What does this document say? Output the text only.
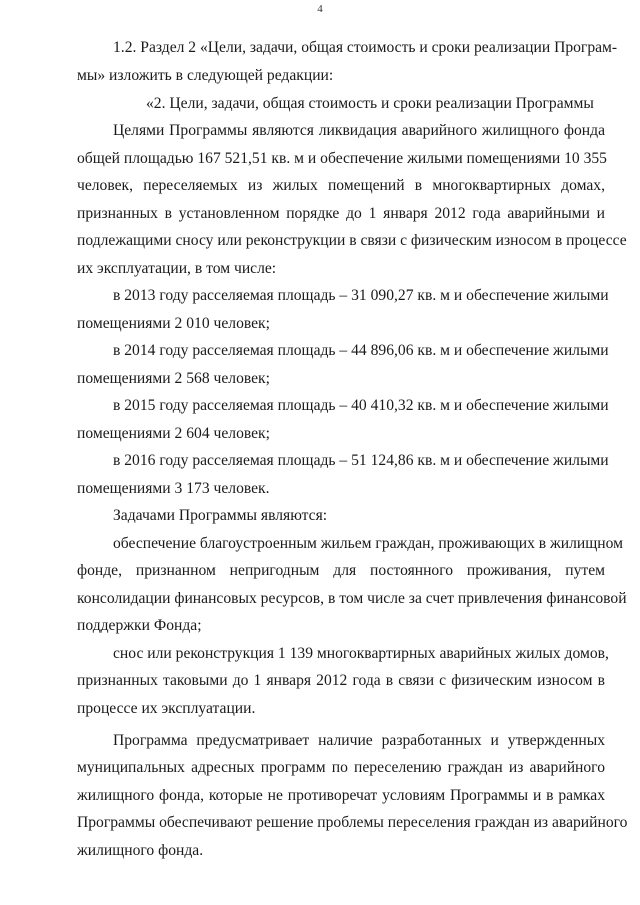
4
1.2. Раздел 2 «Цели, задачи, общая стоимость и сроки реализации Програм-
мы» изложить в следующей редакции:
«2. Цели, задачи, общая стоимость и сроки реализации Программы
Целями Программы являются ликвидация аварийного жилищного фонда
общей площадью 167 521,51 кв. м и обеспечение жилыми помещениями 10 355
человек, переселяемых из жилых помещений в многоквартирных домах,
признанных в установленном порядке до 1 января 2012 года аварийными и
подлежащими сносу или реконструкции в связи с физическим износом в процессе
их эксплуатации, в том числе:
в 2013 году расселяемая площадь – 31 090,27 кв. м и обеспечение жилыми
помещениями 2 010 человек;
в 2014 году расселяемая площадь – 44 896,06 кв. м и обеспечение жилыми
помещениями 2 568 человек;
в 2015 году расселяемая площадь – 40 410,32 кв. м и обеспечение жилыми
помещениями 2 604 человек;
в 2016 году расселяемая площадь – 51 124,86 кв. м и обеспечение жилыми
помещениями 3 173 человек.
Задачами Программы являются:
обеспечение благоустроенным жильем граждан, проживающих в жилищном
фонде, признанном непригодным для постоянного проживания, путем
консолидации финансовых ресурсов, в том числе за счет привлечения финансовой
поддержки Фонда;
снос или реконструкция 1 139 многоквартирных аварийных жилых домов,
признанных таковыми до 1 января 2012 года в связи с физическим износом в
процессе их эксплуатации.
Программа предусматривает наличие разработанных и утвержденных
муниципальных адресных программ по переселению граждан из аварийного
жилищного фонда, которые не противоречат условиям Программы и в рамках
Программы обеспечивают решение проблемы переселения граждан из аварийного
жилищного фонда.
